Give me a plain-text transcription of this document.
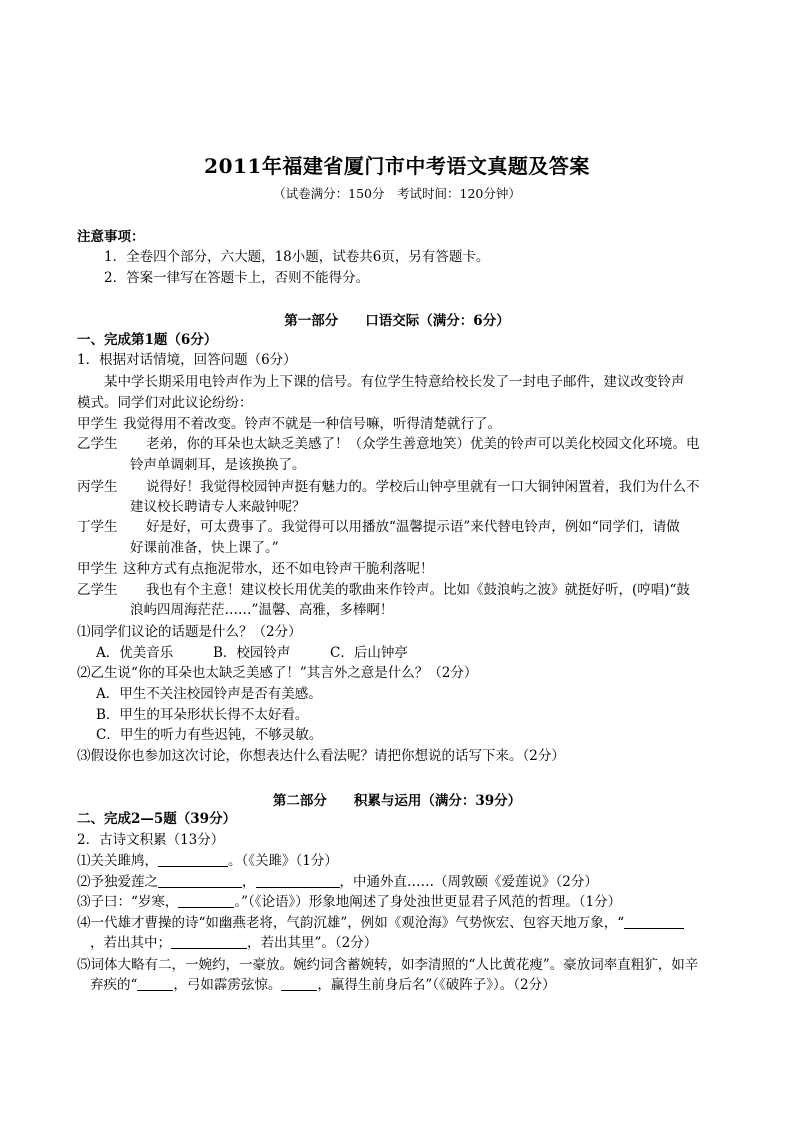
2011年福建省厦门市中考语文真题及答案
（试卷满分：150分　考试时间：120分钟）
注意事项：
1．全卷四个部分，六大题，18小题，试卷共6页，另有答题卡。
2．答案一律写在答题卡上，否则不能得分。
第一部分　　口语交际（满分：6分）
一、完成第1题（6分）
1．根据对话情境，回答问题（6分）
某中学长期采用电铃声作为上下课的信号。有位学生特意给校长发了一封电子邮件，建议改变铃声
模式。同学们对此议论纷纷：
甲学生 我觉得用不着改变。铃声不就是一种信号嘛，听得清楚就行了。
乙学生 老弟，你的耳朵也太缺乏美感了！（众学生善意地笑）优美的铃声可以美化校园文化环境。电
铃声单调刺耳，是该换换了。
丙学生 说得好！我觉得校园钟声挺有魅力的。学校后山钟亭里就有一口大铜钟闲置着，我们为什么不
建议校长聘请专人来敲钟呢？
丁学生 好是好，可太费事了。我觉得可以用播放“温馨提示语”来代替电铃声，例如“同学们，请做
好课前准备，快上课了。”
甲学生 这种方式有点拖泥带水，还不如电铃声干脆利落呢！
乙学生 我也有个主意！建议校长用优美的歌曲来作铃声。比如《鼓浪屿之波》就挺好听，(哼唱)“鼓
浪屿四周海茫茫……”温馨、高雅，多棒啊！
⑴同学们议论的话题是什么？（2分）
A．优美音乐	B．校园铃声	C．后山钟亭
⑵乙生说“你的耳朵也太缺乏美感了！”其言外之意是什么？（2分）
A．甲生不关注校园铃声是否有美感。
B．甲生的耳朵形状长得不太好看。
C．甲生的听力有些迟钝，不够灵敏。
⑶假设你也参加这次讨论，你想表达什么看法呢？请把你想说的话写下来。（2分）
第二部分　　积累与运用（满分：39分）
二、完成2—5题（39分）
2．古诗文积累（13分）
⑴关关雎鸠，	。（《关雎》（1分）
⑵予独爱莲之	，	，中通外直……（周敦颐《爱莲说》（2分）
⑶子曰：“岁寒，	。”（《论语》）形象地阐述了身处浊世更显君子风范的哲理。（1分）
⑷一代雄才曹操的诗“如幽燕老将，气韵沉雄”，例如《观沧海》气势恢宏、包容天地万象，“
，若出其中；	，若出其里”。（2分）
⑸词体大略有二，一婉约，一豪放。婉约词含蓄婉转，如李清照的“人比黄花瘦”。豪放词率直粗犷，如辛
弃疾的“	，弓如霹雳弦惊。	，赢得生前身后名”（《破阵子》）。（2分）
